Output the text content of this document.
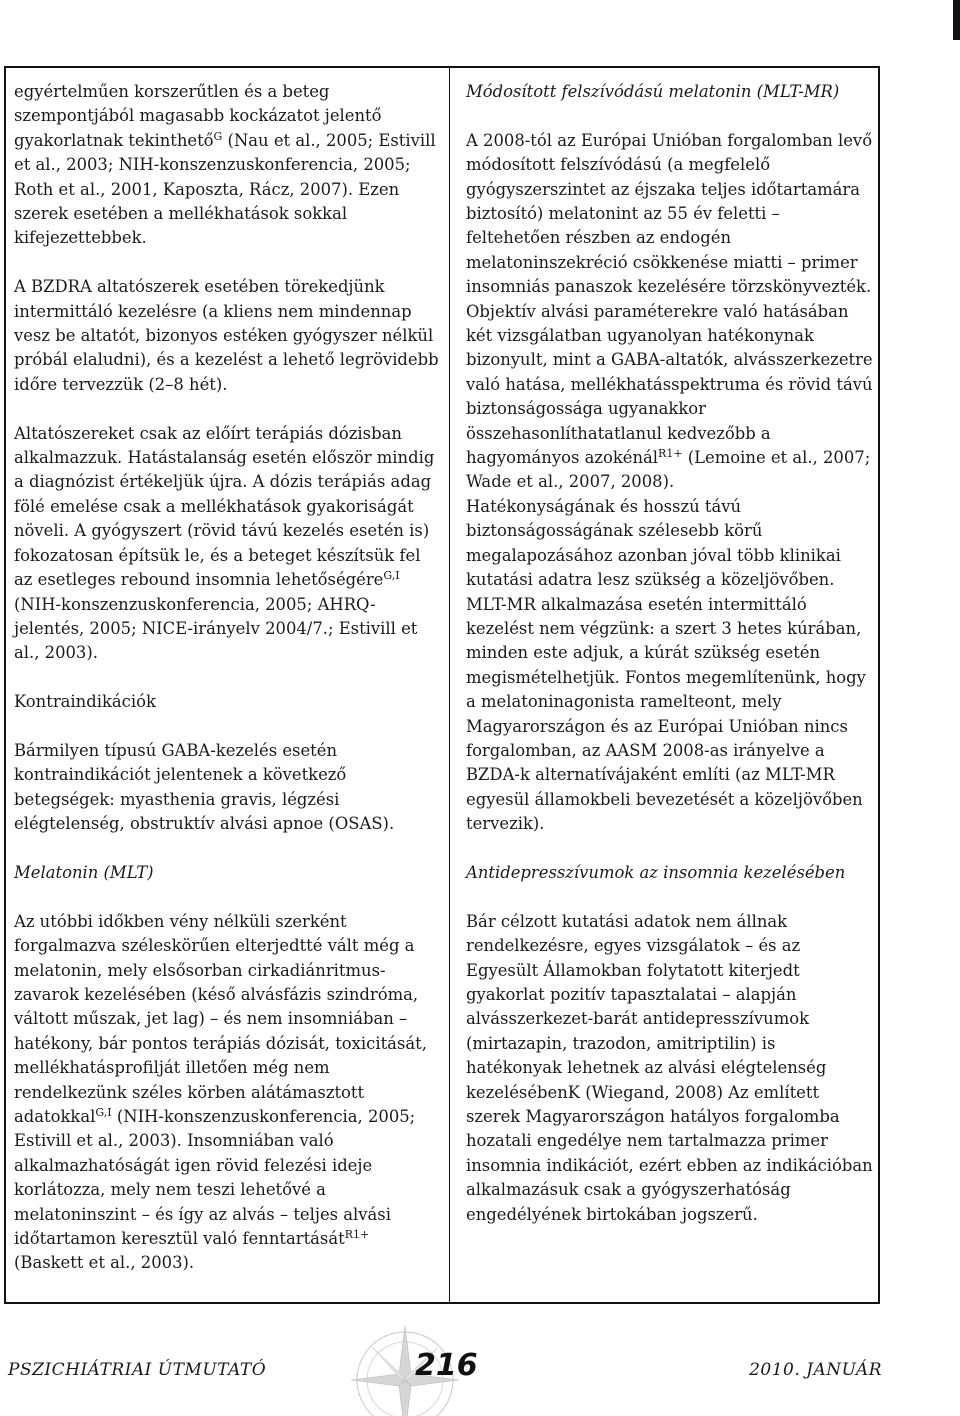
egyértelműen korszerűtlen és a beteg szempontjából magasabb kockázatot jelentő gyakorlatnak tekinthető$^G$ (Nau et al., 2005; Estivill et al., 2003; NIH-konszenzuskonferencia, 2005; Roth et al., 2001, Kaposzta, Rácz, 2007). Ezen szerek esetében a mellékhatások sokkal kifejezettebbek.

A BZDRA altatószerek esetében törekedjünk intermittáló kezelésre (a kliens nem mindennap vesz be altatót, bizonyos estéken gyógyszer nélkül próbál elaludni), és a kezelést a lehető legrövidebb időre tervezzük (2–8 hét).

Altatószereket csak az előírt terápiás dózisban alkalmazzuk. Hatástalanság esetén először mindig a diagnózist értékeljük újra. A dózis terápiás adag fölé emelése csak a mellékhatások gyakoriságát növeli. A gyógyszert (rövid távú kezelés esetén is) fokozatosan építsük le, és a beteget készítsük fel az esetleges rebound insomnia lehetőségére$^{G,I}$ (NIH-konszenzuskonferencia, 2005; AHRQ-jelentés, 2005; NICE-irányelv 2004/7.; Estivill et al., 2003).

Kontraindikációk

Bármilyen típusú GABA-kezelés esetén kontraindikációt jelentenek a következő betegségek: myasthenia gravis, légzési elégtelenség, obstruktív alvási apnoe (OSAS).

Melatonin (MLT)

Az utóbbi időkben vény nélküli szerként forgalmazva széleskörűen elterjedtté vált még a melatonin, mely elsősorban cirkadiánritmus-zavarok kezelésében (késő alvásfázis szindróma, váltott műszak, jet lag) – és nem insomniában – hatékony, bár pontos terápiás dózisát, toxicitását, mellékhatásprofilját illetően még nem rendelkezünk széles körben alátámasztott adatokkal$^{G,I}$ (NIH-konszenzuskonferencia, 2005; Estivill et al., 2003). Insomniában való alkalmazhatóságát igen rövid felezési ideje korlátozza, mely nem teszi lehetővé a melatoninszint – és így az alvás – teljes alvási időtartamon keresztül való fenntartását$^{R1+}$ (Baskett et al., 2003).

Módosított felszívódású melatonin (MLT-MR)

A 2008-tól az Európai Unióban forgalomban levő módosított felszívódású (a megfelelő gyógyszerszintet az éjszaka teljes időtartamára biztosító) melatonint az 55 év feletti – feltehetően részben az endogén melatoninszekréció csökkenése miatti – primer insomniás panaszok kezelésére törzskönyvezték. Objektív alvási paraméterekre való hatásában két vizsgálatban ugyanolyan hatékonynak bizonyult, mint a GABA-altatók, alvásszerkezetre való hatása, mellékhatásspektruma és rövid távú biztonságossága ugyanakkor összehasonlíthatatlanul kedvezőbb a hagyományos azokénál$^{R1+}$ (Lemoine et al., 2007; Wade et al., 2007, 2008).

Hatékonyságának és hosszú távú biztonságosságának szélesebb körű megalapozásához azonban jóval több klinikai kutatási adatra lesz szükség a közeljövőben. MLT-MR alkalmazása esetén intermittáló kezelést nem végzünk: a szert 3 hetes kúrában, minden este adjuk, a kúrát szükség esetén megismételhetjük. Fontos megemlítenünk, hogy a melatoninagonista ramelteont, mely Magyarországon és az Európai Unióban nincs forgalomban, az AASM 2008-as irányelve a BZDA-k alternatívájaként említi (az MLT-MR egyesül államokbeli bevezetését a közeljövőben tervezik).

Antidepresszívumok az insomnia kezelésében

Bár célzott kutatási adatok nem állnak rendelkezésre, egyes vizsgálatok – és az Egyesült Államokban folytatott kiterjedt gyakorlat pozitív tapasztalatai – alapján alvásszerkezet-barát antidepresszívumok (mirtazapin, trazodon, amitriptilin) is hatékonyak lehetnek az alvási elégtelenség kezelésébenK (Wiegand, 2008) Az említett szerek Magyarországon hatályos forgalomba hozatali engedélye nem tartalmazza primer insomnia indikációt, ezért ebben az indikációban alkalmazásuk csak a gyógyszerhatóság engedélyének birtokában jogszerű.

PSZICHIÁTRIAI ÚTMUTATÓ	216	2010. JANUÁR
